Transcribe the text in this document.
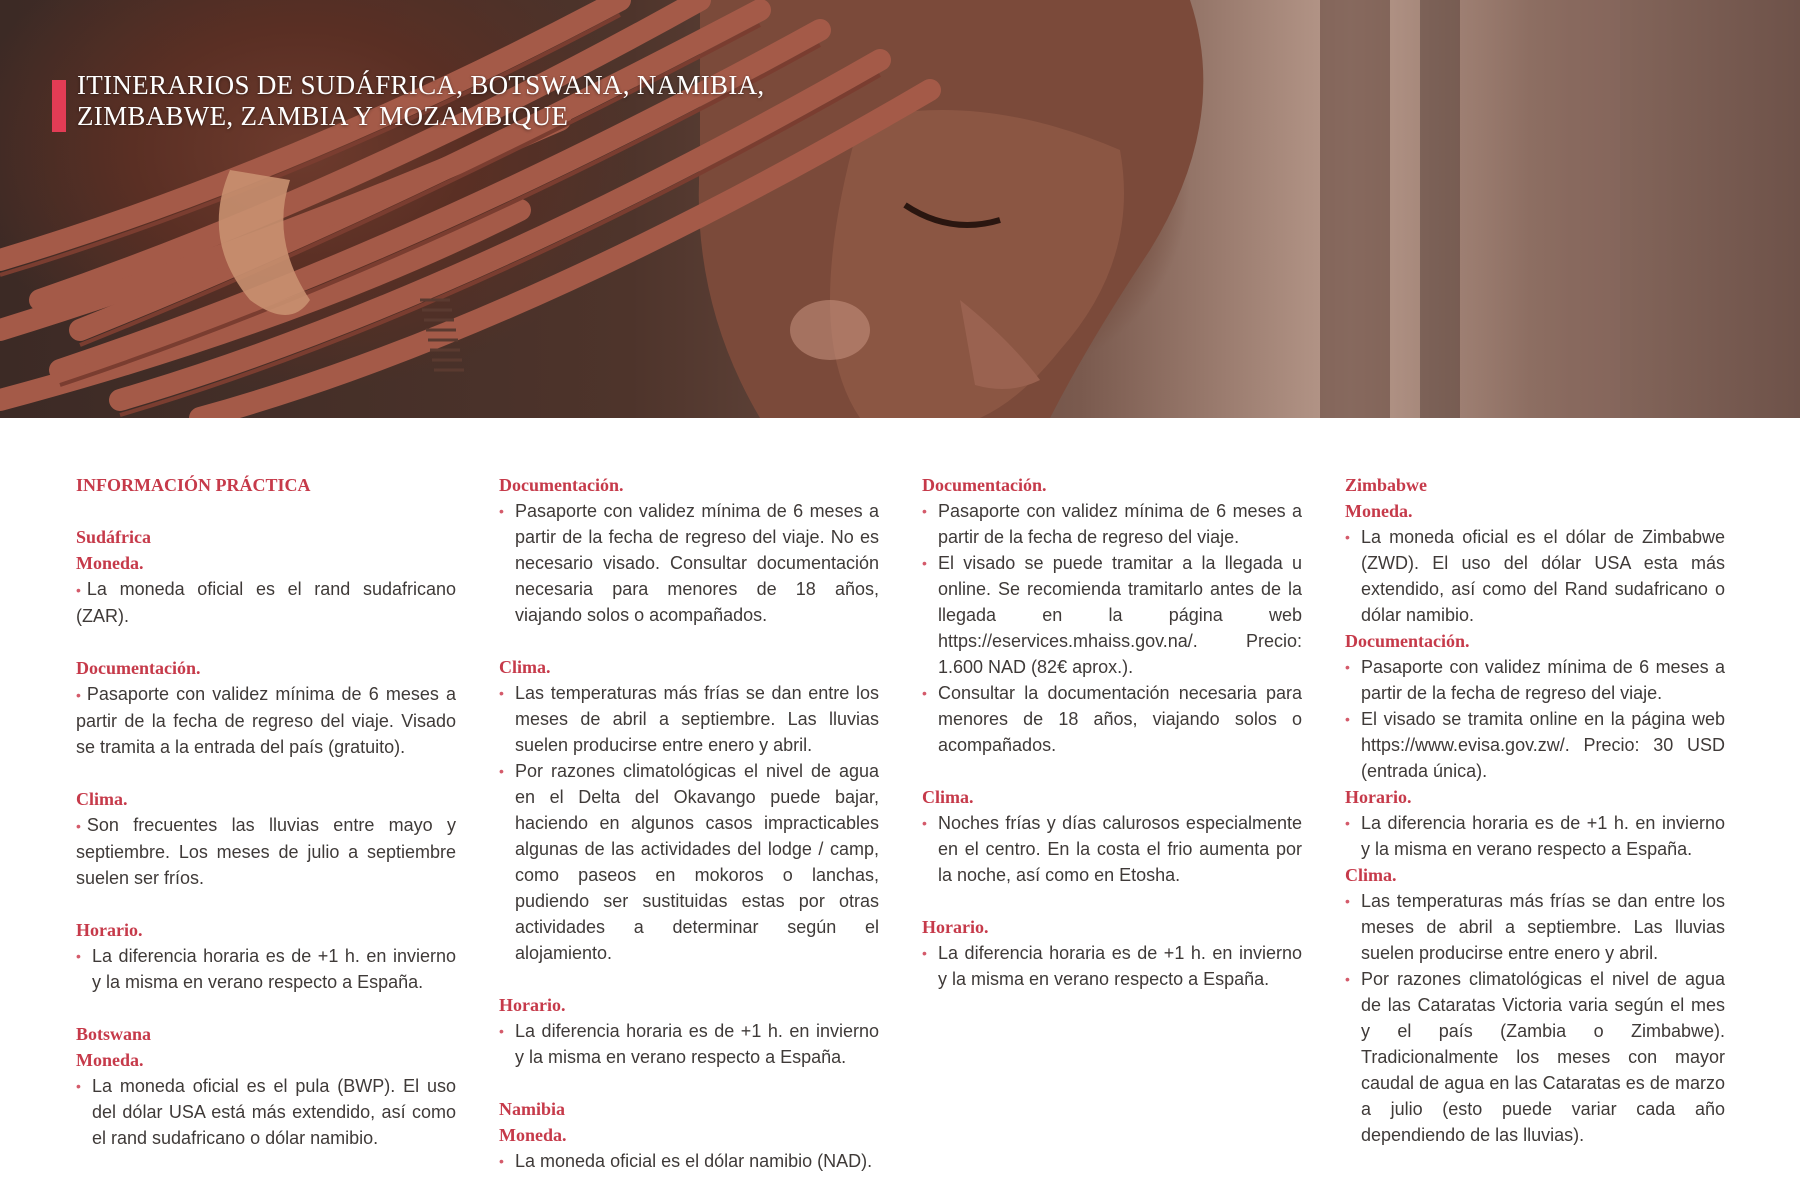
ITINERARIOS DE SUDÁFRICA, BOTSWANA, NAMIBIA,
ZIMBABWE, ZAMBIA Y MOZAMBIQUE
INFORMACIÓN PRÁCTICA
Sudáfrica
Moneda.
• La moneda oficial es el rand sudafricano (ZAR).
Documentación.
• Pasaporte con validez mínima de 6 meses a partir de la fecha de regreso del viaje. Visado se tramita a la entrada del país (gratuito).
Clima.
• Son frecuentes las lluvias entre mayo y septiembre. Los meses de julio a septiembre suelen ser fríos.
Horario.
• La diferencia horaria es de +1 h. en invierno y la misma en verano respecto a España.
Botswana
Moneda.
• La moneda oficial es el pula (BWP). El uso del dólar USA está más extendido, así como el rand sudafricano o dólar namibio.
Documentación.
• Pasaporte con validez mínima de 6 meses a partir de la fecha de regreso del viaje. No es necesario visado. Consultar documentación necesaria para menores de 18 años, viajando solos o acompañados.
Clima.
• Las temperaturas más frías se dan entre los meses de abril a septiembre. Las lluvias suelen producirse entre enero y abril.
• Por razones climatológicas el nivel de agua en el Delta del Okavango puede bajar, haciendo en algunos casos impracticables algunas de las actividades del lodge / camp, como paseos en mokoros o lanchas, pudiendo ser sustituidas estas por otras actividades a determinar según el alojamiento.
Horario.
• La diferencia horaria es de +1 h. en invierno y la misma en verano respecto a España.
Namibia
Moneda.
• La moneda oficial es el dólar namibio (NAD).
Documentación.
• Pasaporte con validez mínima de 6 meses a partir de la fecha de regreso del viaje.
• El visado se puede tramitar a la llegada u online. Se recomienda tramitarlo antes de la llegada en la página web https://eservices.mhaiss.gov.na/. Precio: 1.600 NAD (82€ aprox.).
• Consultar la documentación necesaria para menores de 18 años, viajando solos o acompañados.
Clima.
• Noches frías y días calurosos especialmente en el centro. En la costa el frio aumenta por la noche, así como en Etosha.
Horario.
• La diferencia horaria es de +1 h. en invierno y la misma en verano respecto a España.
Zimbabwe
Moneda.
• La moneda oficial es el dólar de Zimbabwe (ZWD). El uso del dólar USA esta más extendido, así como del Rand sudafricano o dólar namibio.
Documentación.
• Pasaporte con validez mínima de 6 meses a partir de la fecha de regreso del viaje.
• El visado se tramita online en la página web https://www.evisa.gov.zw/. Precio: 30 USD (entrada única).
Horario.
• La diferencia horaria es de +1 h. en invierno y la misma en verano respecto a España.
Clima.
• Las temperaturas más frías se dan entre los meses de abril a septiembre. Las lluvias suelen producirse entre enero y abril.
• Por razones climatológicas el nivel de agua de las Cataratas Victoria varia según el mes y el país (Zambia o Zimbabwe). Tradicionalmente los meses con mayor caudal de agua en las Cataratas es de marzo a julio (esto puede variar cada año dependiendo de las lluvias).
